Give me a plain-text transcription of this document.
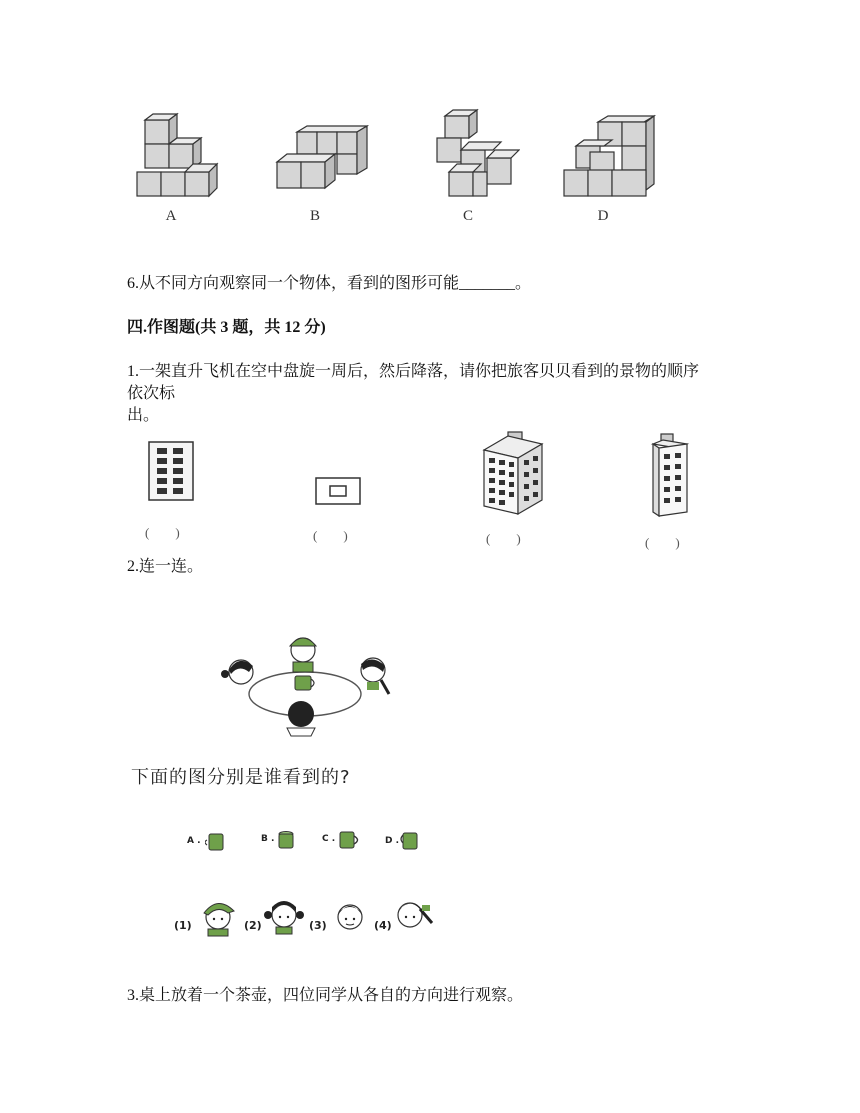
A	B	C	D
6.从不同方向观察同一个物体，看到的图形可能_______。
四.作图题(共 3 题，共 12 分)
1.一架直升飞机在空中盘旋一周后，然后降落，请你把旅客贝贝看到的景物的顺序
依次标
出。
(　　)	(　　)	(　　)	(　　)
2.连一连。
下面的图分别是谁看到的?
A .	B .	C .	D .
(1)	(2)	(3)	(4)
3.桌上放着一个茶壶，四位同学从各自的方向进行观察。
